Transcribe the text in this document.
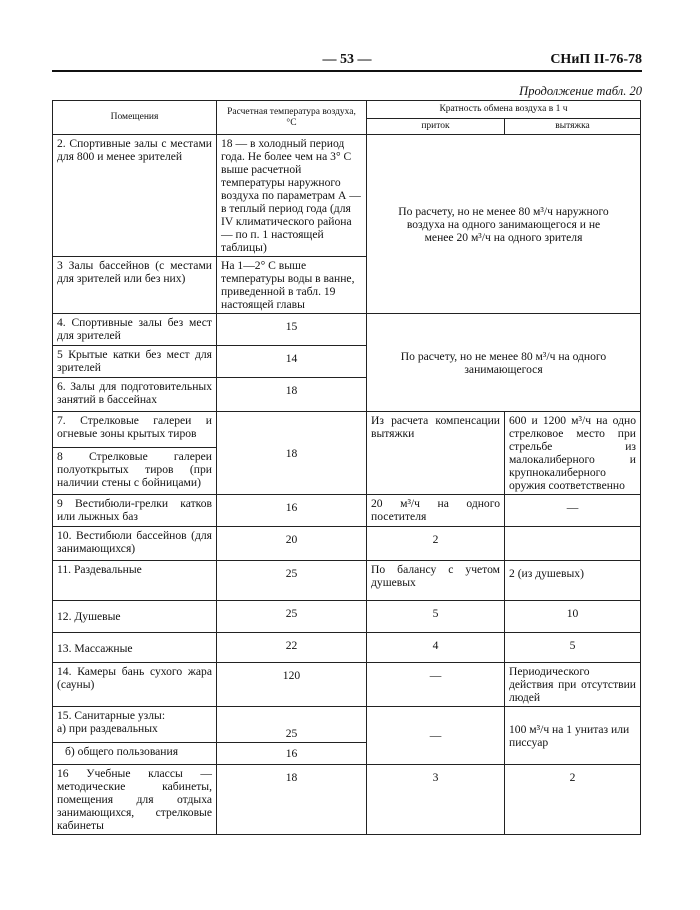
— 53 —	СНиП II-76-78
Продолжение табл. 20
Помещения	Расчетная температура воздуха, °С	Кратность обмена воздуха в 1 ч	
		приток	вытяжка
2. Спортивные залы с местами для 800 и менее зрителей	18 — в холодный период года. Не более чем на 3° С выше расчетной температуры наружного воздуха по параметрам А — в теплый период года (для IV климатического района — по п. 1 настоящей таблицы)	По расчету, но не менее 80 м³/ч наружного воздуха на одного занимающегося и не менее 20 м³/ч на одного зрителя	
3 Залы бассейнов (с местами для зрителей или без них)	На 1—2° С выше температуры воды в ванне, приведенной в табл. 19 настоящей главы		
4. Спортивные залы без мест для зрителей	15	По расчету, но не менее 80 м³/ч на одного занимающегося	
5 Крытые катки без мест для зрителей	14		
6. Залы для подготовительных занятий в бассейнах	18		
7. Стрелковые галереи и огневые зоны крытых тиров	18	Из расчета компенсации вытяжки	600 и 1200 м³/ч на одно стрелковое место при стрельбе из малокалиберного и крупнокалиберного оружия соответственно
8 Стрелковые галереи полуоткрытых тиров (при наличии стены с бойницами)			
9 Вестибюли-грелки катков или лыжных баз	16	20 м³/ч на одного посетителя	—
10. Вестибюли бассейнов (для занимающихся)	20	2	
11. Раздевальные	25	По балансу с учетом душевых	2 (из душевых)
12. Душевые	25	5	10
13. Массажные	22	4	5
14. Камеры бань сухого жара (сауны)	120	—	Периодического действия при отсутствии людей

15. Санитарные узлы:
а) при раздевальных	25	—	100 м³/ч на 1 унитаз или писсуар
б) общего пользования	16		
16 Учебные классы — методические кабинеты, помещения для отдыха занимающихся, стрелковые кабинеты	18	3	2
